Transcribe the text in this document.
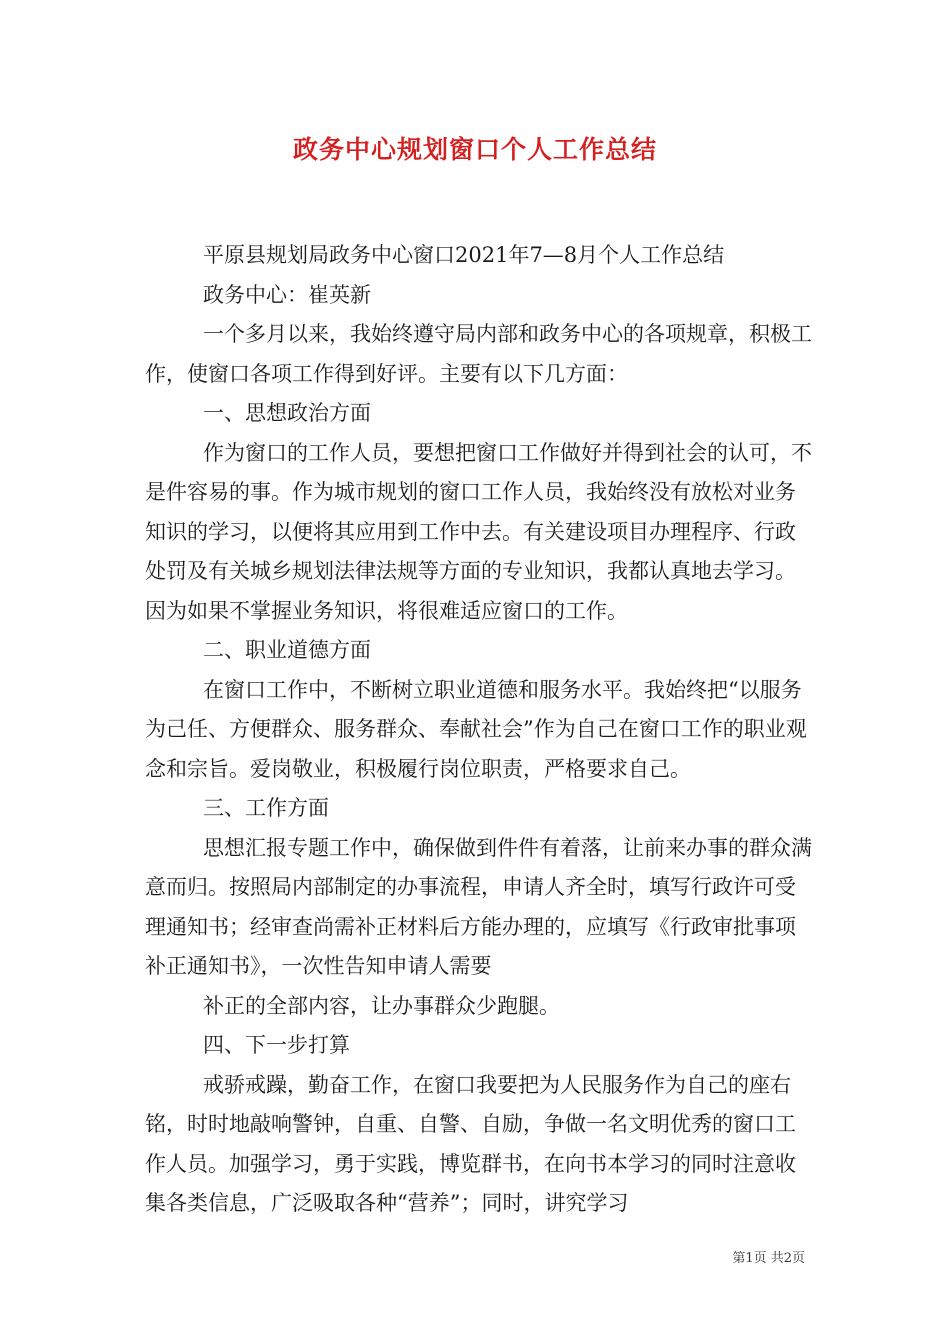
政务中心规划窗口个人工作总结

平原县规划局政务中心窗口2021年7—8月个人工作总结

政务中心：崔英新

一个多月以来，我始终遵守局内部和政务中心的各项规章，积极工作，使窗口各项工作得到好评。主要有以下几方面：

一、思想政治方面

作为窗口的工作人员，要想把窗口工作做好并得到社会的认可，不是件容易的事。作为城市规划的窗口工作人员，我始终没有放松对业务知识的学习，以便将其应用到工作中去。有关建设项目办理程序、行政处罚及有关城乡规划法律法规等方面的专业知识，我都认真地去学习。因为如果不掌握业务知识，将很难适应窗口的工作。

二、职业道德方面

在窗口工作中，不断树立职业道德和服务水平。我始终把“以服务为己任、方便群众、服务群众、奉献社会”作为自己在窗口工作的职业观念和宗旨。爱岗敬业，积极履行岗位职责，严格要求自己。

三、工作方面

思想汇报专题工作中，确保做到件件有着落，让前来办事的群众满意而归。按照局内部制定的办事流程，申请人齐全时，填写行政许可受理通知书；经审查尚需补正材料后方能办理的，应填写《行政审批事项补正通知书》，一次性告知申请人需要

补正的全部内容，让办事群众少跑腿。

四、下一步打算

戒骄戒躁，勤奋工作，在窗口我要把为人民服务作为自己的座右铭，时时地敲响警钟，自重、自警、自励，争做一名文明优秀的窗口工作人员。加强学习，勇于实践，博览群书，在向书本学习的同时注意收集各类信息，广泛吸取各种“营养”；同时，讲究学习

第1页 共2页
